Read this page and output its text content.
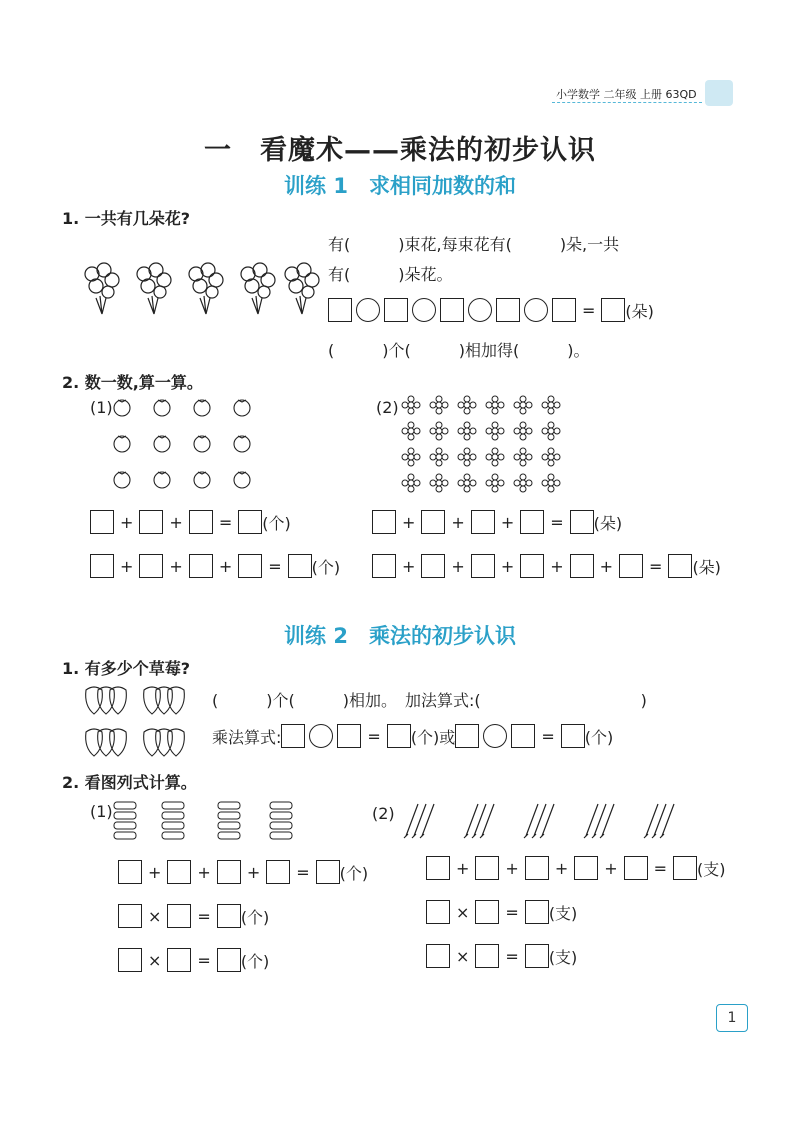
小学数学 二年级 上册 63QD
一　看魔术——乘法的初步认识
训练 1　求相同加数的和
1. 一共有几朵花?
有(　　　)束花,每束花有(　　　)朵,一共
有(　　　)朵花。
= (朵)
(　　　)个(　　　)相加得(　　　)。
2. 数一数,算一算。
(1)	(2)
+ + = (个)
+ + + = (个)
+ + + = (朵)
+ + + + + = (朵)
训练 2　乘法的初步认识
1. 有多少个草莓?
(　　　)个(　　　)相加。　加法算式:(　　　　　　　　　　)
乘法算式:	= (个)或	= (个)
2. 看图列式计算。
(1)	(2)
+ + + = (个)
× = (个)
× = (个)
+ + + + = (支)
× = (支)
× = (支)
1
